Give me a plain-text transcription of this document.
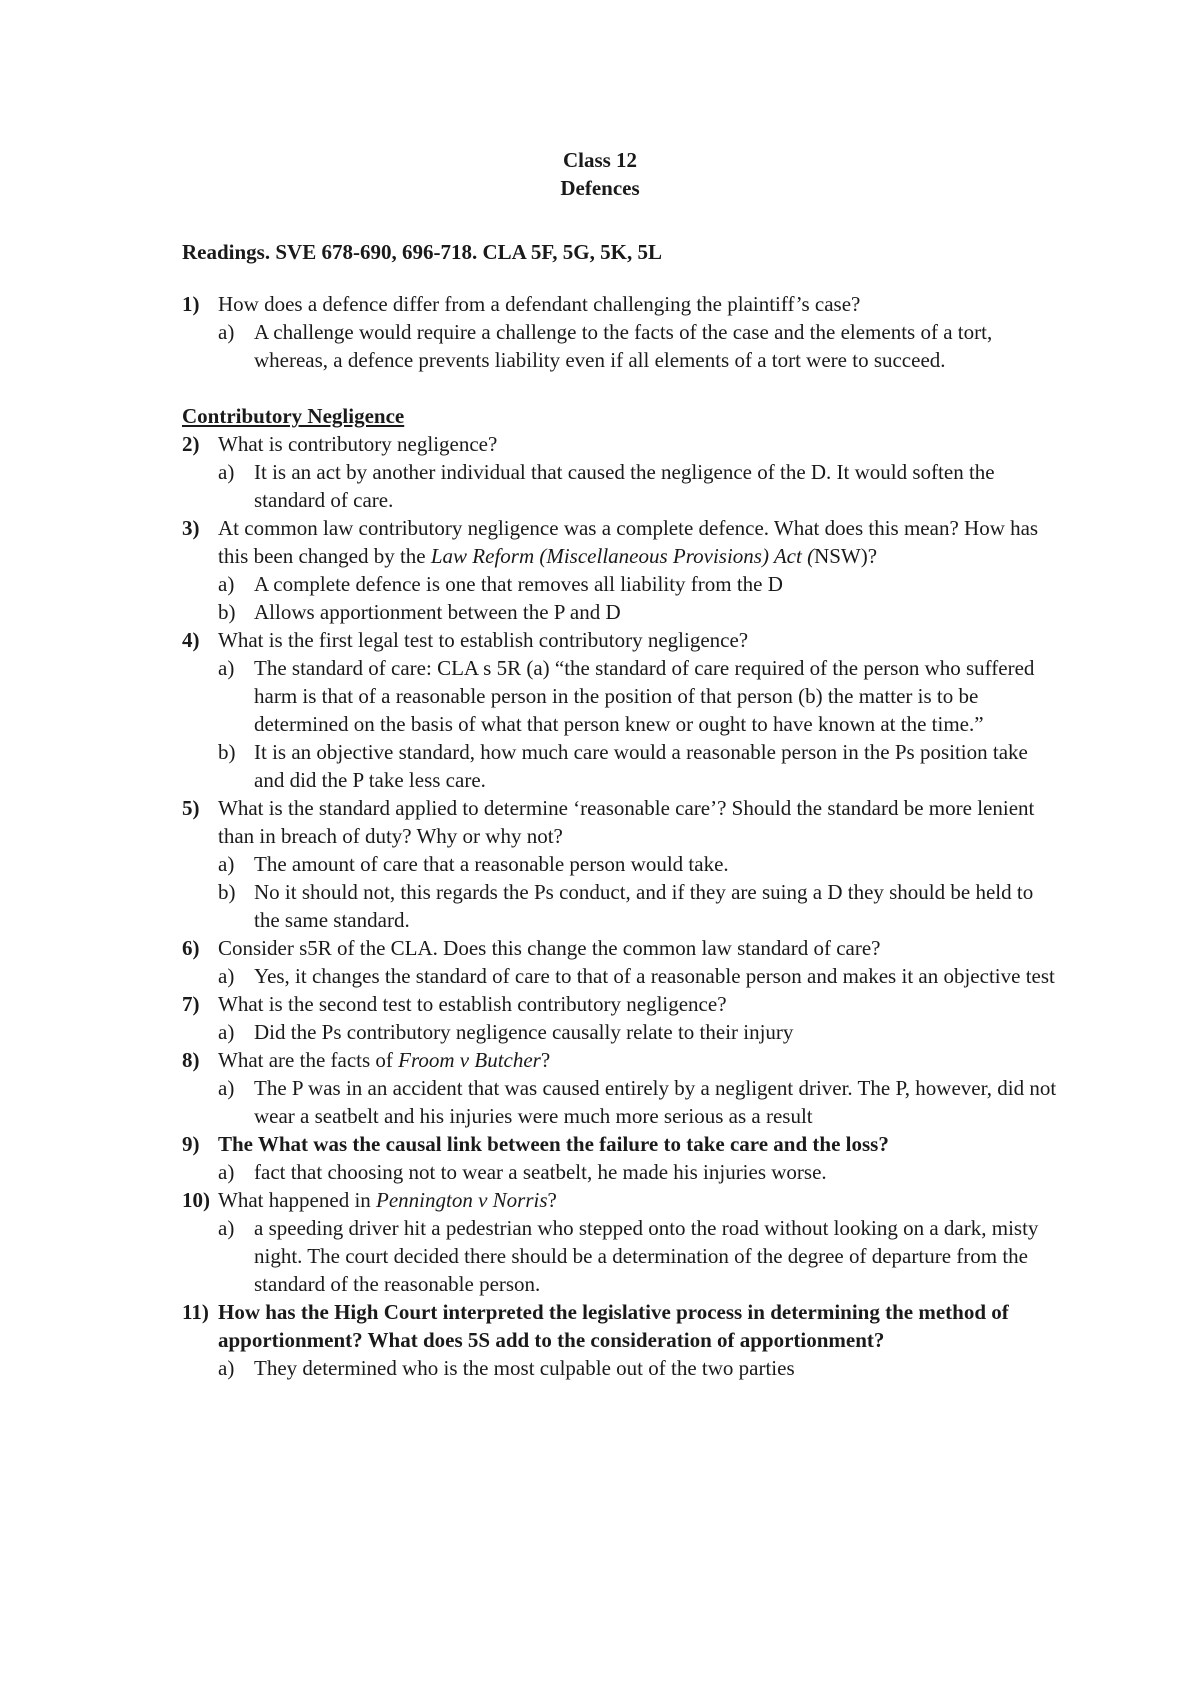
Class 12
Defences
Readings. SVE 678-690, 696-718. CLA 5F, 5G, 5K, 5L
1) How does a defence differ from a defendant challenging the plaintiff’s case?
a) A challenge would require a challenge to the facts of the case and the elements of a tort, whereas, a defence prevents liability even if all elements of a tort were to succeed.
Contributory Negligence
2) What is contributory negligence?
a) It is an act by another individual that caused the negligence of the D. It would soften the standard of care.
3) At common law contributory negligence was a complete defence. What does this mean? How has this been changed by the Law Reform (Miscellaneous Provisions) Act (NSW)?
a) A complete defence is one that removes all liability from the D
b) Allows apportionment between the P and D
4) What is the first legal test to establish contributory negligence?
a) The standard of care: CLA s 5R (a) “the standard of care required of the person who suffered harm is that of a reasonable person in the position of that person (b) the matter is to be determined on the basis of what that person knew or ought to have known at the time.”
b) It is an objective standard, how much care would a reasonable person in the Ps position take and did the P take less care.
5) What is the standard applied to determine ‘reasonable care’? Should the standard be more lenient than in breach of duty? Why or why not?
a) The amount of care that a reasonable person would take.
b) No it should not, this regards the Ps conduct, and if they are suing a D they should be held to the same standard.
6) Consider s5R of the CLA. Does this change the common law standard of care?
a) Yes, it changes the standard of care to that of a reasonable person and makes it an objective test
7) What is the second test to establish contributory negligence?
a) Did the Ps contributory negligence causally relate to their injury
8) What are the facts of Froom v Butcher?
a) The P was in an accident that was caused entirely by a negligent driver. The P, however, did not wear a seatbelt and his injuries were much more serious as a result
9) The What was the causal link between the failure to take care and the loss?
a) fact that choosing not to wear a seatbelt, he made his injuries worse.
10) What happened in Pennington v Norris?
a) a speeding driver hit a pedestrian who stepped onto the road without looking on a dark, misty night. The court decided there should be a determination of the degree of departure from the standard of the reasonable person.
11) How has the High Court interpreted the legislative process in determining the method of apportionment? What does 5S add to the consideration of apportionment?
a) They determined who is the most culpable out of the two parties
